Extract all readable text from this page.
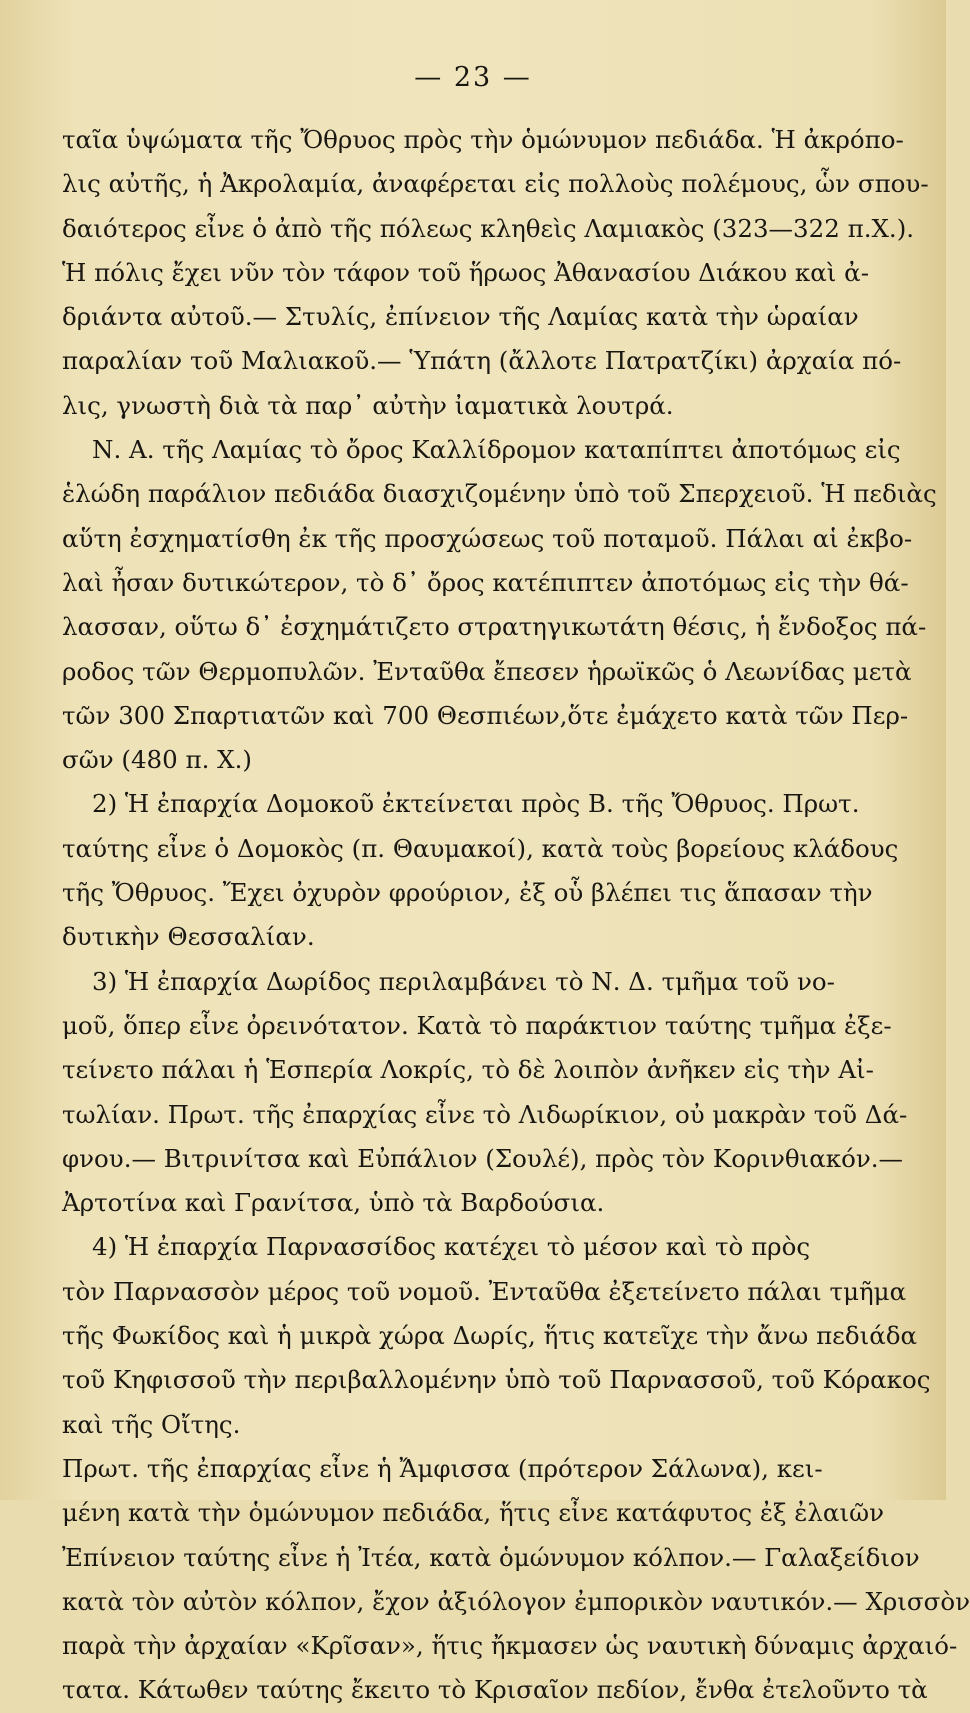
— 23 —
ταῖα ὑψώματα τῆς Ὄθρυος πρὸς τὴν ὁμώνυμον πεδιάδα. Ἡ ἀκρόπο-
λις αὐτῆς, ἡ Ἀκρολαμία, ἀναφέρεται εἰς πολλοὺς πολέμους, ὧν σπου-
δαιότερος εἶνε ὁ ἀπὸ τῆς πόλεως κληθεὶς Λαμιακὸς (323—322 π.Χ.).
Ἡ πόλις ἔχει νῦν τὸν τάφον τοῦ ἥρωος Ἀθανασίου Διάκου καὶ ἀ-
δριάντα αὐτοῦ.— Στυλίς, ἐπίνειον τῆς Λαμίας κατὰ τὴν ὡραίαν
παραλίαν τοῦ Μαλιακοῦ.— Ὑπάτη (ἄλλοτε Πατρατζίκι) ἀρχαία πό-
λις, γνωστὴ διὰ τὰ παρ᾿ αὐτὴν ἰαματικὰ λουτρά.
Ν. Α. τῆς Λαμίας τὸ ὄρος Καλλίδρομον καταπίπτει ἀποτόμως εἰς
ἑλώδη παράλιον πεδιάδα διασχιζομένην ὑπὸ τοῦ Σπερχειοῦ. Ἡ πεδιὰς
αὕτη ἐσχηματίσθη ἐκ τῆς προσχώσεως τοῦ ποταμοῦ. Πάλαι αἱ ἐκβο-
λαὶ ἦσαν δυτικώτερον, τὸ δ᾿ ὄρος κατέπιπτεν ἀποτόμως εἰς τὴν θά-
λασσαν, οὕτω δ᾿ ἐσχημάτιζετο στρατηγικωτάτη θέσις, ἡ ἔνδοξος πά-
ροδος τῶν Θερμοπυλῶν. Ἐνταῦθα ἔπεσεν ἡρωϊκῶς ὁ Λεωνίδας μετὰ
τῶν 300 Σπαρτιατῶν καὶ 700 Θεσπιέων,ὅτε ἐμάχετο κατὰ τῶν Περ-
σῶν (480 π. Χ.)
2) Ἡ ἐπαρχία Δομοκοῦ ἐκτείνεται πρὸς Β. τῆς Ὄθρυος. Πρωτ.
ταύτης εἶνε ὁ Δομοκὸς (π. Θαυμακοί), κατὰ τοὺς βορείους κλάδους
τῆς Ὄθρυος. Ἔχει ὀχυρὸν φρούριον, ἐξ οὗ βλέπει τις ἅπασαν τὴν
δυτικὴν Θεσσαλίαν.
3) Ἡ ἐπαρχία Δωρίδος περιλαμβάνει τὸ Ν. Δ. τμῆμα τοῦ νο-
μοῦ, ὅπερ εἶνε ὀρεινότατον. Κατὰ τὸ παράκτιον ταύτης τμῆμα ἐξε-
τείνετο πάλαι ἡ Ἑσπερία Λοκρίς, τὸ δὲ λοιπὸν ἀνῆκεν εἰς τὴν Αἰ-
τωλίαν. Πρωτ. τῆς ἐπαρχίας εἶνε τὸ Λιδωρίκιον, οὐ μακρὰν τοῦ Δά-
φνου.— Βιτρινίτσα καὶ Εὐπάλιον (Σουλέ), πρὸς τὸν Κορινθιακόν.—
Ἀρτοτίνα καὶ Γρανίτσα, ὑπὸ τὰ Βαρδούσια.
4) Ἡ ἐπαρχία Παρνασσίδος κατέχει τὸ μέσον καὶ τὸ πρὸς
τὸν Παρνασσὸν μέρος τοῦ νομοῦ. Ἐνταῦθα ἐξετείνετο πάλαι τμῆμα
τῆς Φωκίδος καὶ ἡ μικρὰ χώρα Δωρίς, ἥτις κατεῖχε τὴν ἄνω πεδιάδα
τοῦ Κηφισσοῦ τὴν περιβαλλομένην ὑπὸ τοῦ Παρνασσοῦ, τοῦ Κόρακος
καὶ τῆς Οἴτης.
Πρωτ. τῆς ἐπαρχίας εἶνε ἡ Ἄμφισσα (πρότερον Σάλωνα), κει-
μένη κατὰ τὴν ὁμώνυμον πεδιάδα, ἥτις εἶνε κατάφυτος ἐξ ἐλαιῶν
Ἐπίνειον ταύτης εἶνε ἡ Ἰτέα, κατὰ ὁμώνυμον κόλπον.— Γαλαξείδιον
κατὰ τὸν αὐτὸν κόλπον, ἔχον ἀξιόλογον ἐμπορικὸν ναυτικόν.— Χρισσὸν
παρὰ τὴν ἀρχαίαν «Κρῖσαν», ἥτις ἤκμασεν ὡς ναυτικὴ δύναμις ἀρχαιό-
τατα. Κάτωθεν ταύτης ἔκειτο τὸ Κρισαῖον πεδίον, ἔνθα ἐτελοῦντο τὰ
